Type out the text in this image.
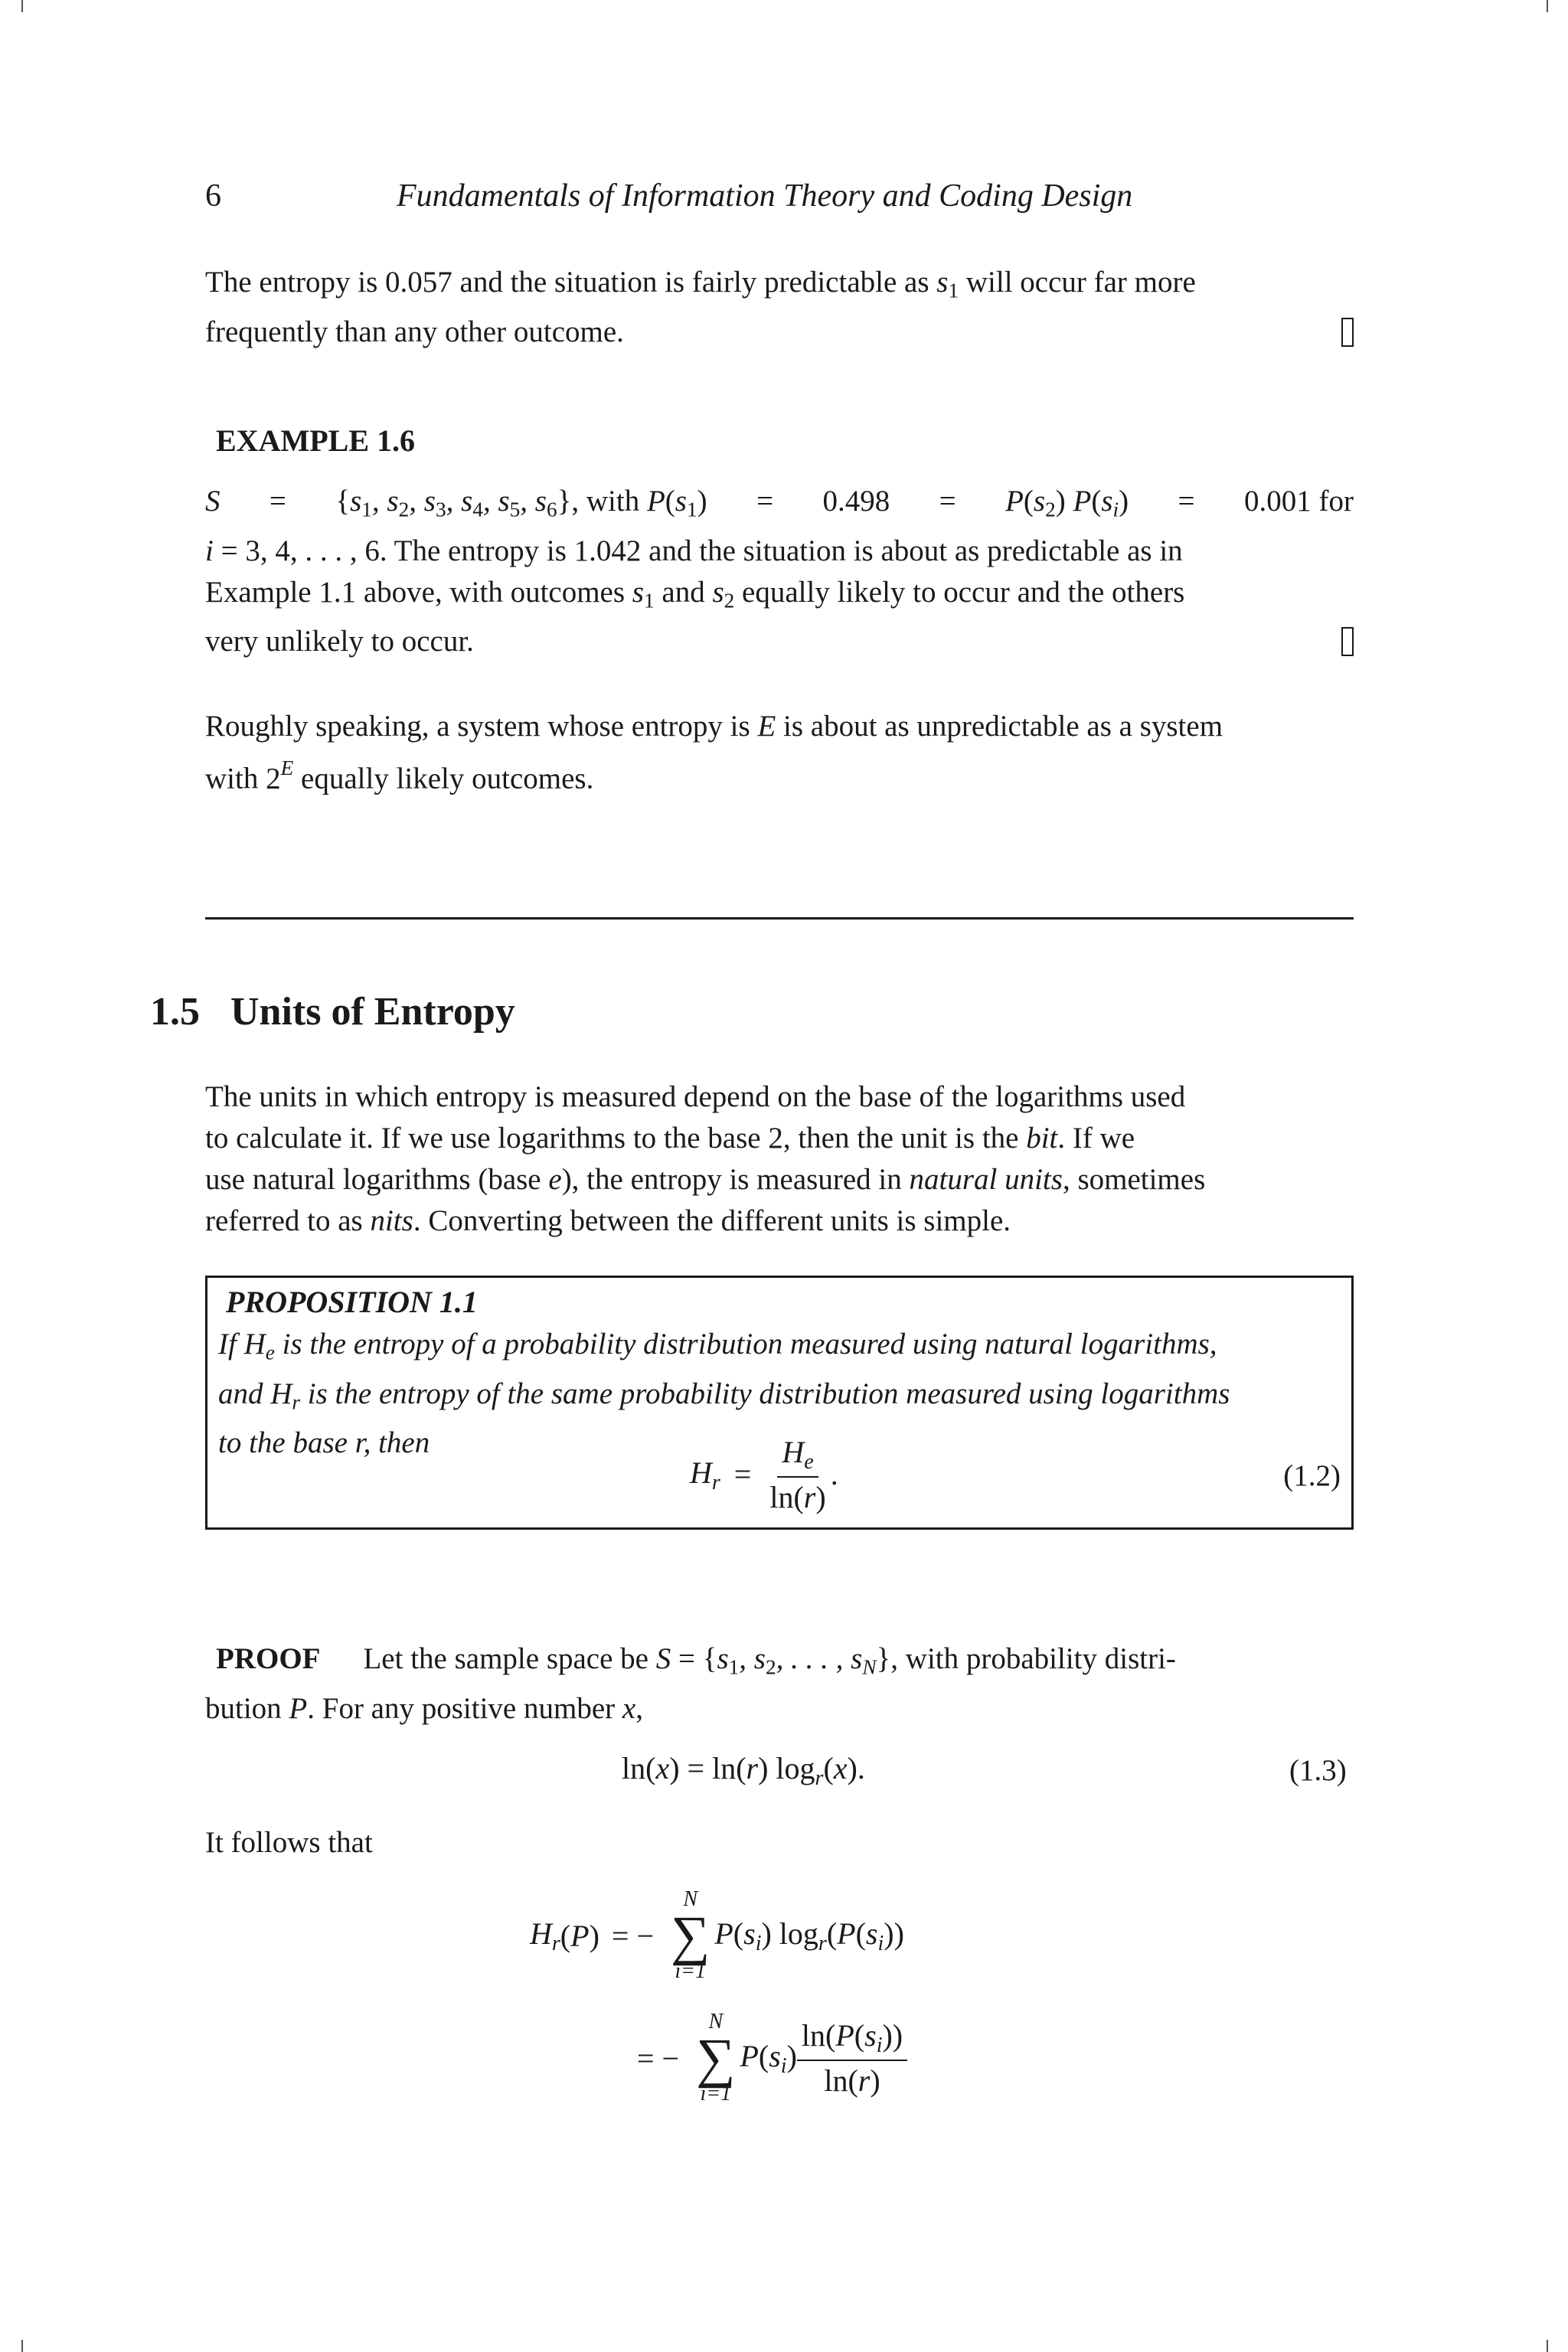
6	Fundamentals of Information Theory and Coding Design
The entropy is 0.057 and the situation is fairly predictable as $s_1$ will occur far more
frequently than any other outcome.
EXAMPLE 1.6
$S = \{s_1$, $s_2$, $s_3$, $s_4$, $s_5$, $s_6$}, with $P(s_1) = 0.498 = P(s_2) P(si) = 0.001$ for
i = 3, 4, . . . , 6. The entropy is 1.042 and the situation is about as predictable as in
Example 1.1 above, with outcomes $s_1$ and $s_2$ equally likely to occur and the others
very unlikely to occur.
Roughly speaking, a system whose entropy is E is about as unpredictable as a system
with $2^E$ equally likely outcomes.
1.5 Units of Entropy
The units in which entropy is measured depend on the base of the logarithms used
to calculate it. If we use logarithms to the base 2, then the unit is the bit. If we
use natural logarithms (base e), the entropy is measured in natural units, sometimes
referred to as nits. Converting between the different units is simple.
PROPOSITION 1.1
If He is the entropy of a probability distribution measured using natural logarithms,
and Hr is the entropy of the same probability distribution measured using logarithms
to the base r, then
$Hr = \frac{He}{\ln(r)}$ .	(1.2)
PROOF Let the sample space be $S = \{s_1$, $s_2$, . . . , sN}, with probability distri-
bution P. For any positive number x,
ln(x) = ln(r) logr(x).	(1.3)
It follows that
Hr ( P ) = −
N
∑
i=1
P(si) logr(P(si))
= −
N
∑
i=1
$P(si) \frac{\ln(P(si))}{\ln(r)}$
